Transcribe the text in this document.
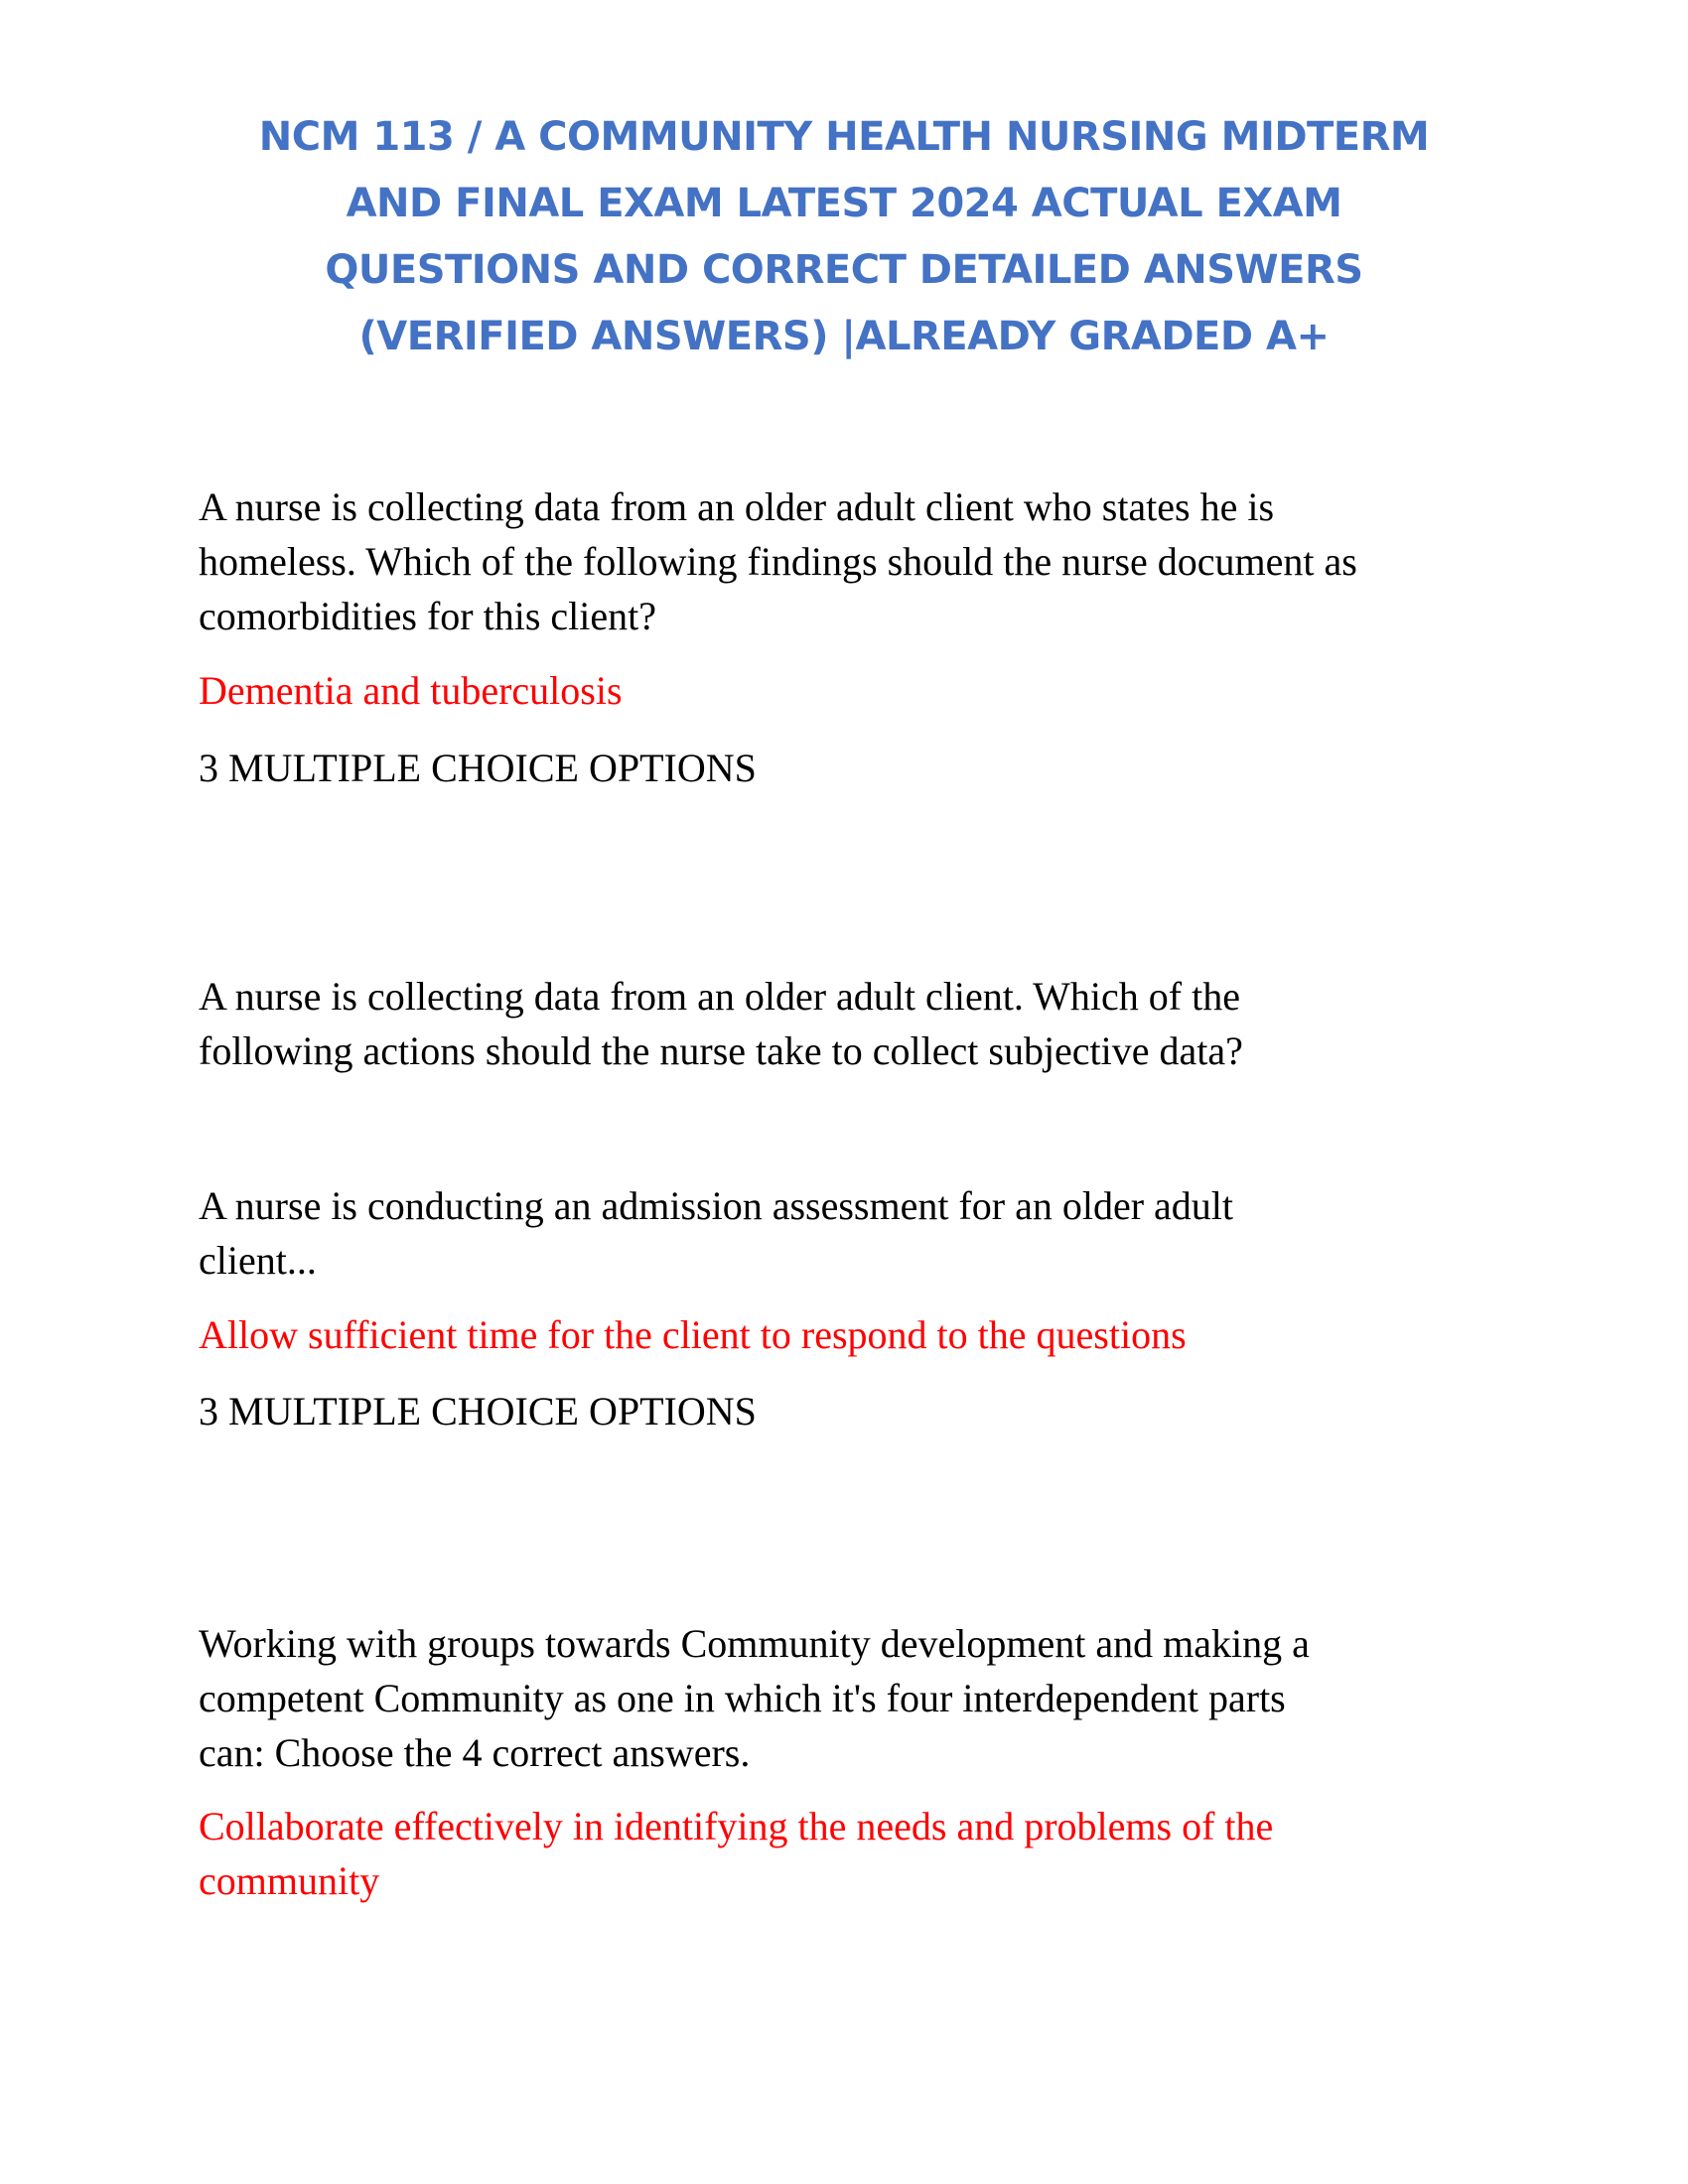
NCM 113 / A COMMUNITY HEALTH NURSING MIDTERM
AND FINAL EXAM LATEST 2024 ACTUAL EXAM
QUESTIONS AND CORRECT DETAILED ANSWERS
(VERIFIED ANSWERS) |ALREADY GRADED A+

A nurse is collecting data from an older adult client who states he is
homeless. Which of the following findings should the nurse document as
comorbidities for this client?

Dementia and tuberculosis

3 MULTIPLE CHOICE OPTIONS

A nurse is collecting data from an older adult client. Which of the
following actions should the nurse take to collect subjective data?

A nurse is conducting an admission assessment for an older adult
client...

Allow sufficient time for the client to respond to the questions

3 MULTIPLE CHOICE OPTIONS

Working with groups towards Community development and making a
competent Community as one in which it's four interdependent parts
can: Choose the 4 correct answers.

Collaborate effectively in identifying the needs and problems of the
community
